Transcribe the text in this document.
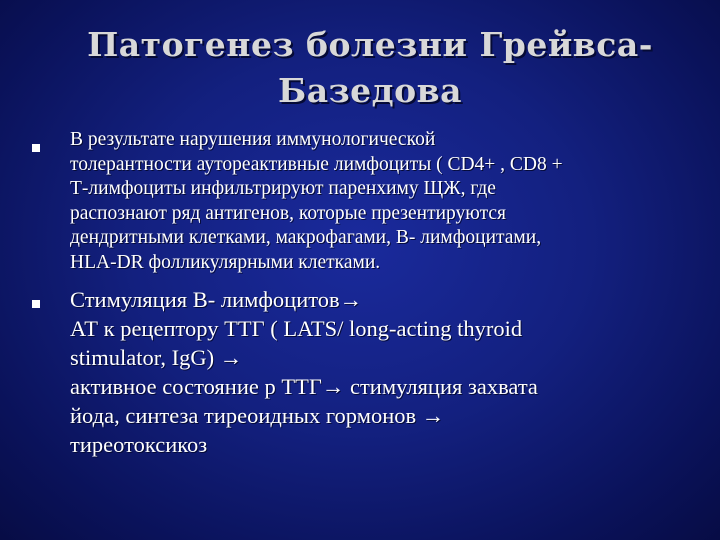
Патогенез болезни Грейвса-
Базедова
В результате нарушения иммунологической
толерантности аутореактивные лимфоциты ( CD4+ , CD8 +
Т-лимфоциты инфильтрируют паренхиму ЩЖ, где
распознают ряд антигенов, которые презентируются
дендритными клетками, макрофагами, В- лимфоцитами,
HLA-DR фолликулярными клетками.
Стимуляция В- лимфоцитов→
АТ к рецептору ТТГ ( LATS/ long-acting thyroid
stimulator, IgG) →
активное состояние р ТТГ→ стимуляция захвата
йода, синтеза тиреоидных гормонов →
тиреотоксикоз
